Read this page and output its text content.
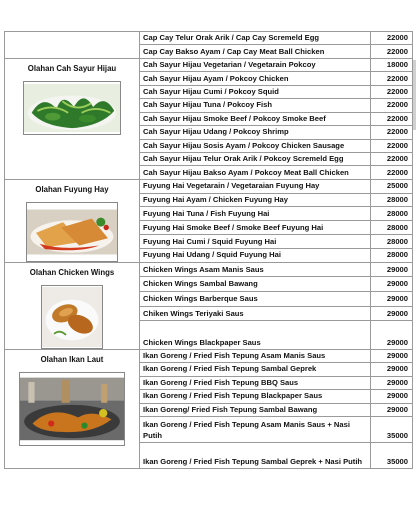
	Cap Cay Telur Orak Arik / Cap Cay Scremeld Egg	22000
	Cap Cay Bakso Ayam / Cap Cay Meat Ball Chicken	22000

Olahan Cah Sayur Hijau	Cah Sayur Hijau Vegetarian / Vegetarain Pokcoy	18000
	Cah Sayur Hijau Ayam / Pokcoy Chicken	22000
	Cah Sayur Hijau Cumi / Pokcoy Squid	22000
	Cah Sayur Hijau Tuna / Pokcoy Fish	22000
	Cah Sayur Hijau Smoke Beef / Pokcoy Smoke Beef	22000
	Cah Sayur Hijau Udang / Pokcoy Shrimp	22000
	Cah Sayur Hijau Sosis Ayam / Pokcoy Chicken Sausage	22000
	Cah Sayur Hijau Telur Orak Arik / Pokcoy Scremeld Egg	22000
	Cah Sayur Hijau Bakso Ayam / Pokcoy Meat Ball Chicken	22000

Olahan Fuyung Hay	Fuyung Hai Vegetarain / Vegetaraian Fuyung Hay	25000
	Fuyung Hai Ayam / Chicken Fuyung Hay	28000
	Fuyung Hai Tuna / Fish Fuyung Hai	28000
	Fuyung Hai Smoke Beef / Smoke Beef Fuyung Hai	28000
	Fuyung Hai Cumi / Squid Fuyung Hai	28000
	Fuyung Hai Udang / Squid Fuyung Hai	28000

Olahan Chicken Wings	Chicken Wings Asam Manis Saus	29000
	Chicken Wings Sambal Bawang	29000
	Chicken Wings Barberque Saus	29000
	Chiken Wings Teriyaki Saus	29000
	Chicken Wings Blackpaper Saus	29000

Olahan Ikan Laut	Ikan Goreng / Fried Fish Tepung Asam Manis Saus	29000
	Ikan Goreng / Fried Fish Tepung Sambal Geprek	29000
	Ikan Goreng / Fried Fish Tepung BBQ Saus	29000
	Ikan Goreng / Fried Fish Tepung Blackpaper Saus	29000
	Ikan Goreng/ Fried Fish Tepung Sambal Bawang	29000
	Ikan Goreng / Fried Fish Tepung Asam Manis Saus + Nasi Putih	35000
	Ikan Goreng / Fried Fish Tepung Sambal Geprek + Nasi Putih	35000
